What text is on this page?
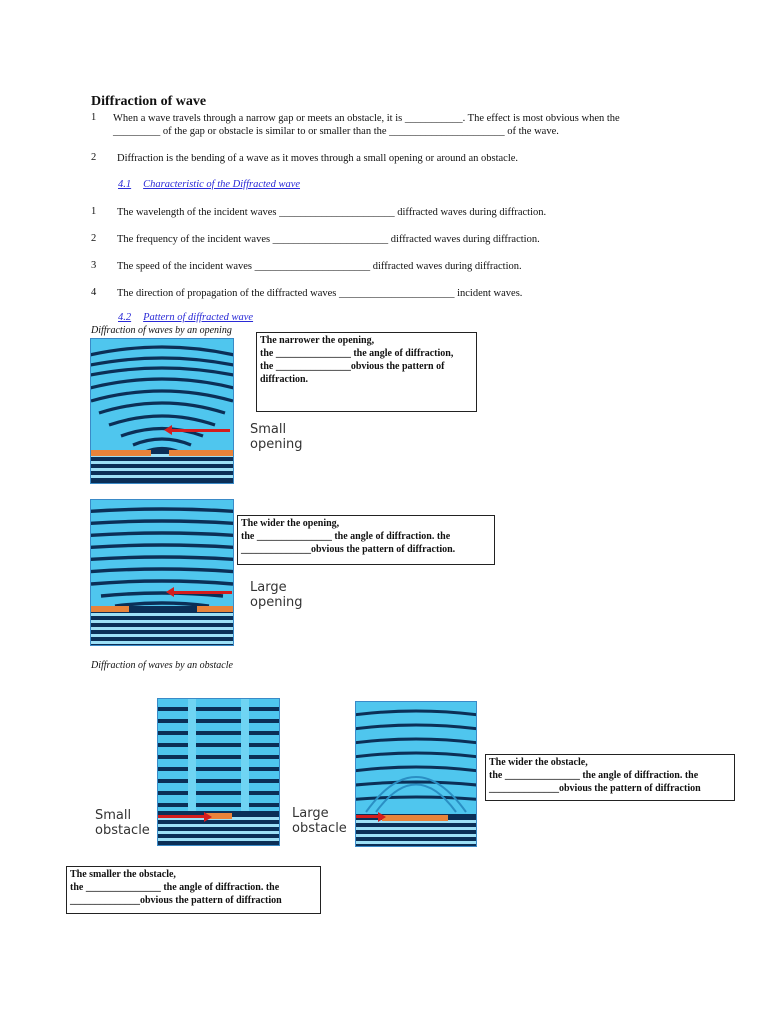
Diffraction of wave
1 When a wave travels through a narrow gap or meets an obstacle, it is ___________. The effect is most obvious when the
_________ of the gap or obstacle is similar to or smaller than the ______________________ of the wave.
2 Diffraction is the bending of a wave as it moves through a small opening or around an obstacle.
4.1 Characteristic of the Diffracted wave
1 The wavelength of the incident waves ______________________ diffracted waves during diffraction.
2 The frequency of the incident waves ______________________ diffracted waves during diffraction.
3 The speed of the incident waves ______________________ diffracted waves during diffraction.
4 The direction of propagation of the diffracted waves ______________________ incident waves.
4.2 Pattern of diffracted wave
Diffraction of waves by an opening
Small
opening
The narrower the opening,
the _______________ the angle of diffraction,
the _______________obvious the pattern of
diffraction.
Large
opening
The wider the opening,
the _______________ the angle of diffraction. the
______________obvious the pattern of diffraction.
Diffraction of waves by an obstacle
Small
obstacle
Large
obstacle
The wider the obstacle,
the _______________ the angle of diffraction. the
______________obvious the pattern of diffraction
The smaller the obstacle,
the _______________ the angle of diffraction. the
______________obvious the pattern of diffraction
